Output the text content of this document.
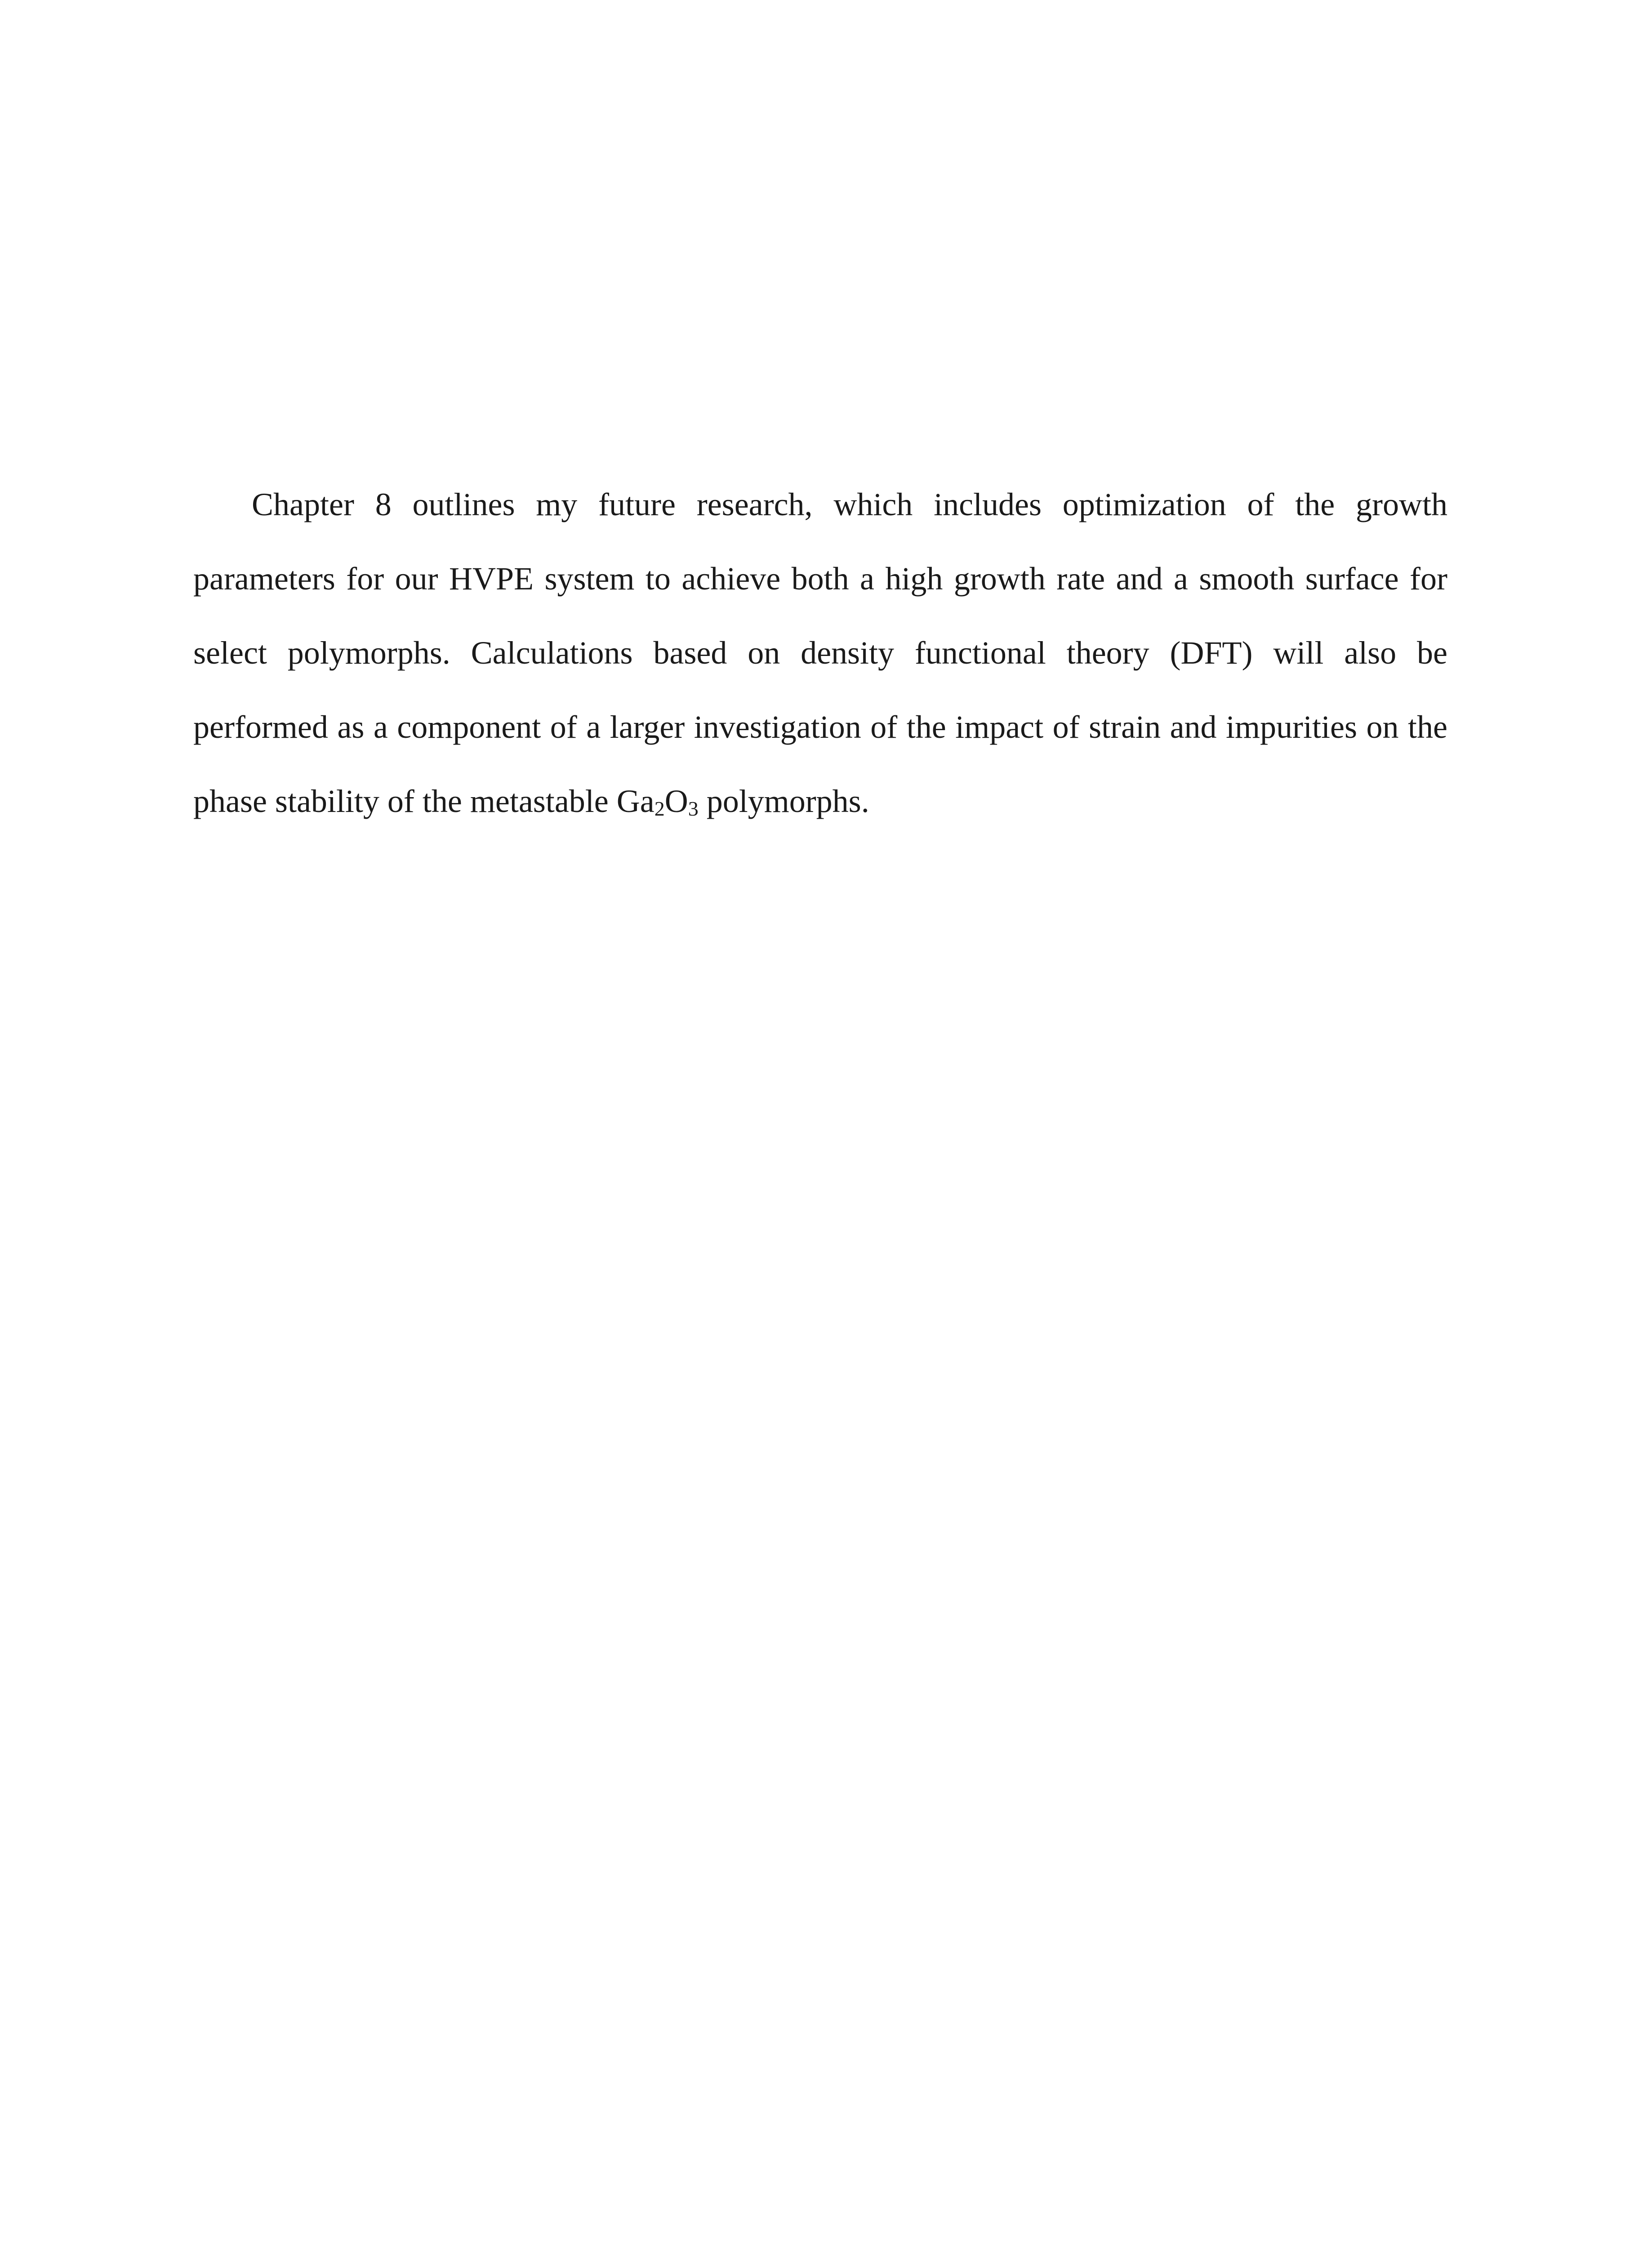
Chapter 8 outlines my future research, which includes optimization of the growth parameters for our HVPE system to achieve both a high growth rate and a smooth surface for select polymorphs. Calculations based on density functional theory (DFT) will also be performed as a component of a larger investigation of the impact of strain and impurities on the phase stability of the metastable $Ga_2O_3$ polymorphs.
